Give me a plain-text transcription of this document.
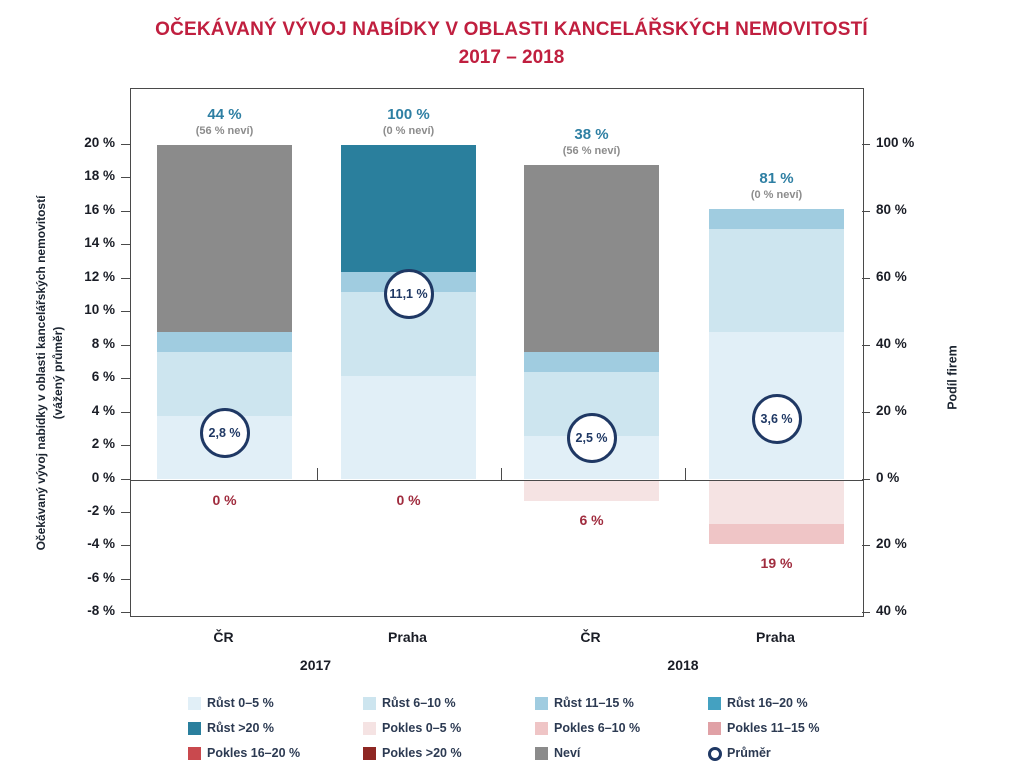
OČEKÁVANÝ VÝVOJ NABÍDKY V OBLASTI KANCELÁŘSKÝCH NEMOVITOSTÍ
2017 – 2018
44 %
(56 % neví)
2,8 %
0 %
100 %
(0 % neví)
11,1 %
0 %
38 %
(56 % neví)
2,5 %
6 %
81 %
(0 % neví)
3,6 %
19 %
Očekávaný vývoj nabídky v oblasti kancelářských nemovitostí (vážený průměr)	Podíl firem
ČR	Praha	ČR	Praha
2017	2018
20 %
18 %
16 %
14 %
12 %
10 %
8 %
6 %
4 %
2 %
0 %
-2 %
-4 %
-6 %
-8 %
100 %
80 %
60 %
40 %
20 %
0 %
20 %
40 %
Růst 0–5 %	Růst 6–10 %	Růst 11–15 %	Růst 16–20 %
Růst >20 %	Pokles 0–5 %	Pokles 6–10 %	Pokles 11–15 %
Pokles 16–20 %	Pokles >20 %	Neví	Průměr
